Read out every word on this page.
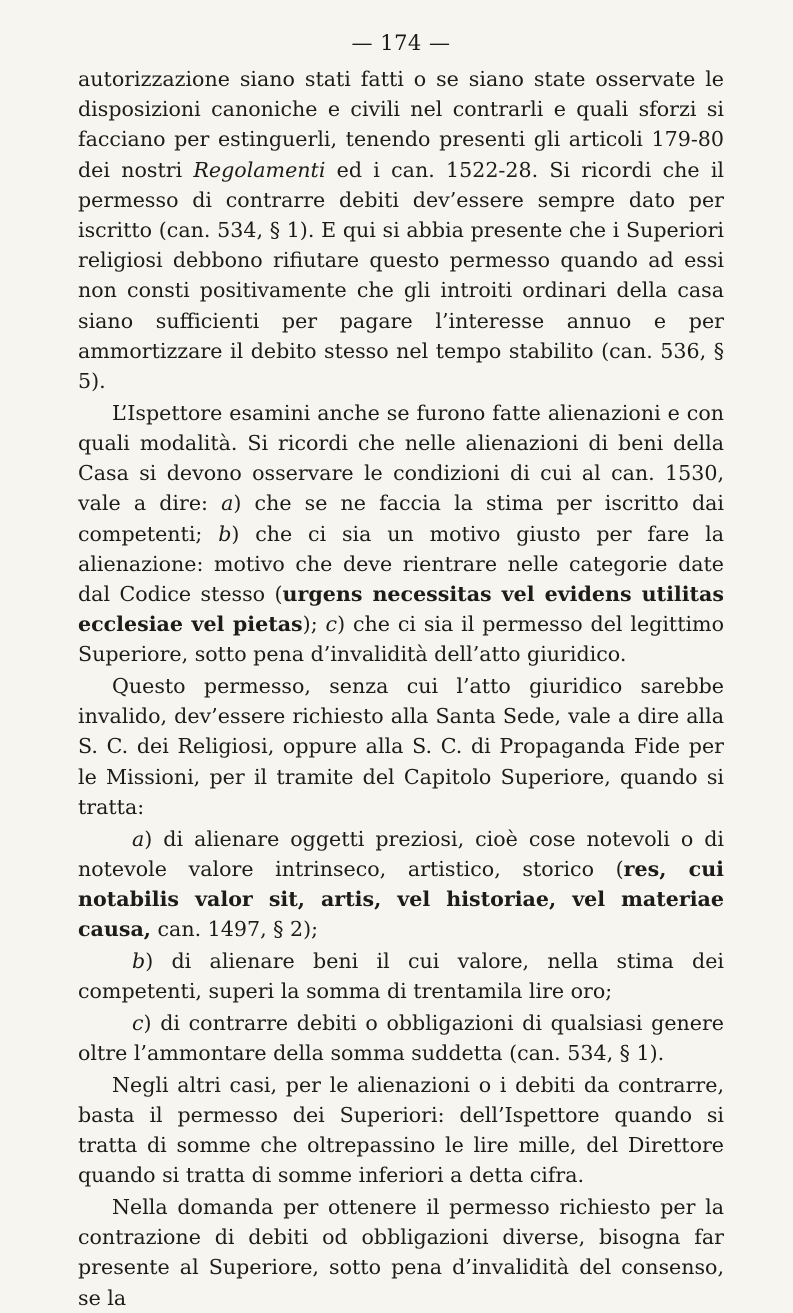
— 174 —

autorizzazione siano stati fatti o se siano state osservate le disposizioni canoniche e civili nel contrarli e quali sforzi si facciano per estinguerli, tenendo presenti gli articoli 179-80 dei nostri Regolamenti ed i can. 1522-28. Si ricordi che il permesso di contrarre debiti dev’essere sempre dato per iscritto (can. 534, § 1). E qui si abbia presente che i Superiori religiosi debbono rifiutare questo permesso quando ad essi non consti positivamente che gli introiti ordinari della casa siano sufficienti per pagare l’interesse annuo e per ammortizzare il debito stesso nel tempo stabilito (can. 536, § 5).

L’Ispettore esamini anche se furono fatte alienazioni e con quali modalità. Si ricordi che nelle alienazioni di beni della Casa si devono osservare le condizioni di cui al can. 1530, vale a dire: a) che se ne faccia la stima per iscritto dai competenti; b) che ci sia un motivo giusto per fare la alienazione: motivo che deve rientrare nelle categorie date dal Codice stesso (urgens necessitas vel evidens utilitas ecclesiae vel pietas); c) che ci sia il permesso del legittimo Superiore, sotto pena d’invalidità dell’atto giuridico.

Questo permesso, senza cui l’atto giuridico sarebbe invalido, dev’essere richiesto alla Santa Sede, vale a dire alla S. C. dei Religiosi, oppure alla S. C. di Propaganda Fide per le Missioni, per il tramite del Capitolo Superiore, quando si tratta:

a) di alienare oggetti preziosi, cioè cose notevoli o di notevole valore intrinseco, artistico, storico (res, cui notabilis valor sit, artis, vel historiae, vel materiae causa, can. 1497, § 2);

b) di alienare beni il cui valore, nella stima dei competenti, superi la somma di trentamila lire oro;

c) di contrarre debiti o obbligazioni di qualsiasi genere oltre l’ammontare della somma suddetta (can. 534, § 1).

Negli altri casi, per le alienazioni o i debiti da contrarre, basta il permesso dei Superiori: dell’Ispettore quando si tratta di somme che oltrepassino le lire mille, del Direttore quando si tratta di somme inferiori a detta cifra.

Nella domanda per ottenere il permesso richiesto per la contrazione di debiti od obbligazioni diverse, bisogna far presente al Superiore, sotto pena d’invalidità del consenso, se la
